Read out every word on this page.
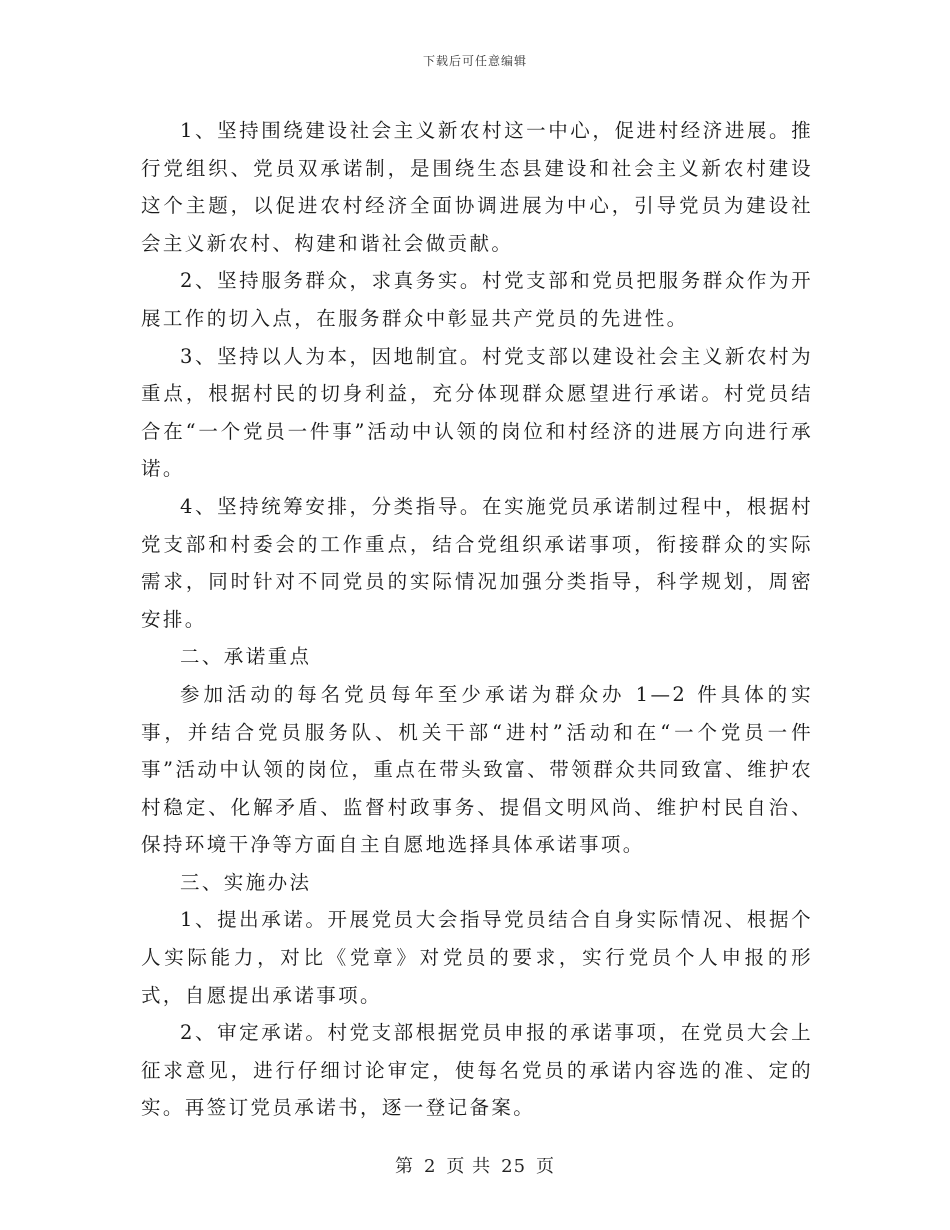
下载后可任意编辑

1、坚持围绕建设社会主义新农村这一中心，促进村经济进展。推行党组织、党员双承诺制，是围绕生态县建设和社会主义新农村建设这个主题，以促进农村经济全面协调进展为中心，引导党员为建设社会主义新农村、构建和谐社会做贡献。

2、坚持服务群众，求真务实。村党支部和党员把服务群众作为开展工作的切入点，在服务群众中彰显共产党员的先进性。

3、坚持以人为本，因地制宜。村党支部以建设社会主义新农村为重点，根据村民的切身利益，充分体现群众愿望进行承诺。村党员结合在“一个党员一件事”活动中认领的岗位和村经济的进展方向进行承诺。

4、坚持统筹安排，分类指导。在实施党员承诺制过程中，根据村党支部和村委会的工作重点，结合党组织承诺事项，衔接群众的实际需求，同时针对不同党员的实际情况加强分类指导，科学规划，周密安排。

二、承诺重点

参加活动的每名党员每年至少承诺为群众办 1—2 件具体的实事，并结合党员服务队、机关干部“进村”活动和在“一个党员一件事”活动中认领的岗位，重点在带头致富、带领群众共同致富、维护农村稳定、化解矛盾、监督村政事务、提倡文明风尚、维护村民自治、保持环境干净等方面自主自愿地选择具体承诺事项。

三、实施办法

1、提出承诺。开展党员大会指导党员结合自身实际情况、根据个人实际能力，对比《党章》对党员的要求，实行党员个人申报的形式，自愿提出承诺事项。

2、审定承诺。村党支部根据党员申报的承诺事项，在党员大会上征求意见，进行仔细讨论审定，使每名党员的承诺内容选的准、定的实。再签订党员承诺书，逐一登记备案。

第 2 页 共 25 页
